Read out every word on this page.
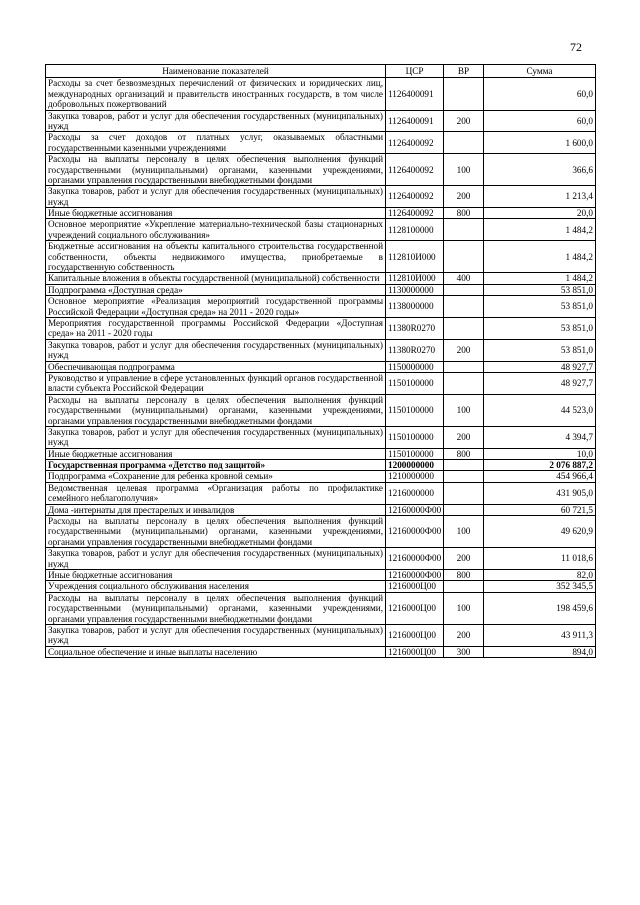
72
Наименование показателей	ЦСР	ВР	Сумма
Расходы за счет безвозмездных перечислений от физических и юридических лиц, международных организаций и правительств иностранных государств, в том числе добровольных пожертвований	1126400091		60,0
Закупка товаров, работ и услуг для обеспечения государственных (муниципальных) нужд	1126400091	200	60,0
Расходы за счет доходов от платных услуг, оказываемых областными государственными казенными учреждениями	1126400092		1 600,0
Расходы на выплаты персоналу в целях обеспечения выполнения функций государственными (муниципальными) органами, казенными учреждениями, органами управления государственными внебюджетными фондами	1126400092	100	366,6
Закупка товаров, работ и услуг для обеспечения государственных (муниципальных) нужд	1126400092	200	1 213,4
Иные бюджетные ассигнования	1126400092	800	20,0
Основное мероприятие «Укрепление материально-технической базы стационарных учреждений социального обслуживания»	1128100000		1 484,2
Бюджетные ассигнования на объекты капитального строительства государственной собственности, объекты недвижимого имущества, приобретаемые в государственную собственность	112810И000		1 484,2
Капитальные вложения в объекты государственной (муниципальной) собственности	112810И000	400	1 484,2
Подпрограмма «Доступная среда»	1130000000		53 851,0
Основное мероприятие «Реализация мероприятий государственной программы Российской Федерации «Доступная среда» на 2011 - 2020 годы»	1138000000		53 851,0
Мероприятия государственной программы Российской Федерации «Доступная среда» на 2011 - 2020 годы	11380R0270		53 851,0
Закупка товаров, работ и услуг для обеспечения государственных (муниципальных) нужд	11380R0270	200	53 851,0
Обеспечивающая подпрограмма	1150000000		48 927,7
Руководство и управление в сфере установленных функций органов государственной власти субъекта Российской Федерации	1150100000		48 927,7
Расходы на выплаты персоналу в целях обеспечения выполнения функций государственными (муниципальными) органами, казенными учреждениями, органами управления государственными внебюджетными фондами	1150100000	100	44 523,0
Закупка товаров, работ и услуг для обеспечения государственных (муниципальных) нужд	1150100000	200	4 394,7
Иные бюджетные ассигнования	1150100000	800	10,0
Государственная программа «Детство под защитой»	1200000000		2 076 887,2
Подпрограмма «Сохранение для ребенка кровной семьи»	1210000000		454 966,4
Ведомственная целевая программа «Организация работы по профилактике семейного неблагополучия»	1216000000		431 905,0
Дома -интернаты для престарелых и инвалидов	12160000Ф00		60 721,5
Расходы на выплаты персоналу в целях обеспечения выполнения функций государственными (муниципальными) органами, казенными учреждениями, органами управления государственными внебюджетными фондами	12160000Ф00	100	49 620,9
Закупка товаров, работ и услуг для обеспечения государственных (муниципальных) нужд	12160000Ф00	200	11 018,6
Иные бюджетные ассигнования	12160000Ф00	800	82,0
Учреждения социального обслуживания населения	1216000Ц00		352 345,5
Расходы на выплаты персоналу в целях обеспечения выполнения функций государственными (муниципальными) органами, казенными учреждениями, органами управления государственными внебюджетными фондами	1216000Ц00	100	198 459,6
Закупка товаров, работ и услуг для обеспечения государственных (муниципальных) нужд	1216000Ц00	200	43 911,3
Социальное обеспечение и иные выплаты населению	1216000Ц00	300	894,0
